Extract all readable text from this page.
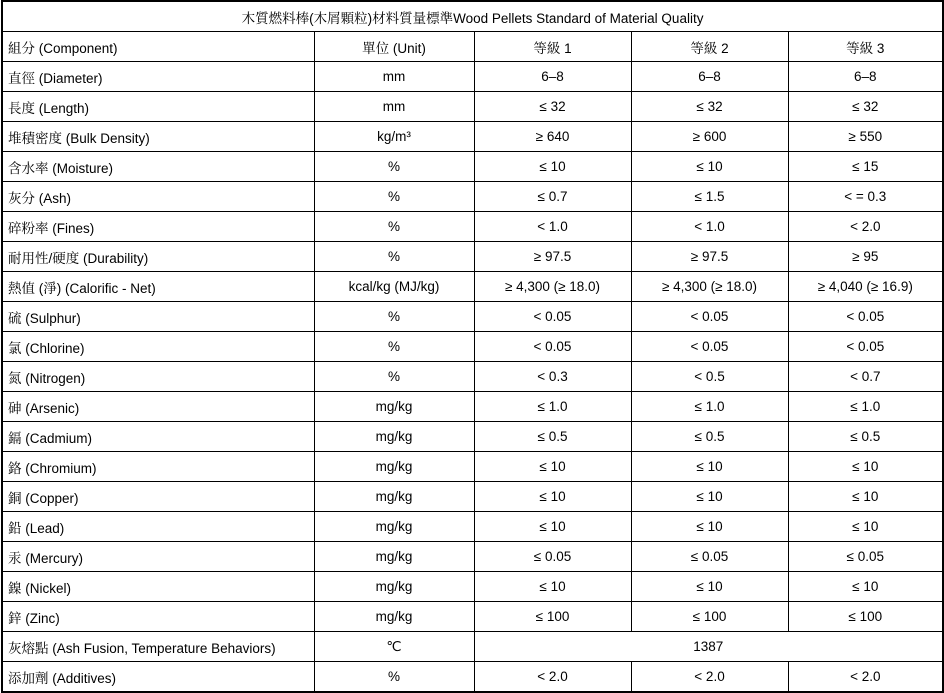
木質燃料棒(木屑顆粒)材料質量標準Wood Pellets Standard of Material Quality				
組分 (Component)	單位 (Unit)	等級 1	等級 2	等級 3
直徑 (Diameter)	mm	6–8	6–8	6–8
長度 (Length)	mm	≤ 32	≤ 32	≤ 32
堆積密度 (Bulk Density)	kg/m³	≥ 640	≥ 600	≥ 550
含水率 (Moisture)	%	≤ 10	≤ 10	≤ 15
灰分 (Ash)	%	≤ 0.7	≤ 1.5	< = 0.3
碎粉率 (Fines)	%	< 1.0	< 1.0	< 2.0
耐用性/硬度 (Durability)	%	≥ 97.5	≥ 97.5	≥ 95
熱值 (淨) (Calorific - Net)	kcal/kg (MJ/kg)	≥ 4,300 (≥ 18.0)	≥ 4,300 (≥ 18.0)	≥ 4,040 (≥ 16.9)
硫 (Sulphur)	%	< 0.05	< 0.05	< 0.05
氯 (Chlorine)	%	< 0.05	< 0.05	< 0.05
氮 (Nitrogen)	%	< 0.3	< 0.5	< 0.7
砷 (Arsenic)	mg/kg	≤ 1.0	≤ 1.0	≤ 1.0
鎘 (Cadmium)	mg/kg	≤ 0.5	≤ 0.5	≤ 0.5
鉻 (Chromium)	mg/kg	≤ 10	≤ 10	≤ 10
銅 (Copper)	mg/kg	≤ 10	≤ 10	≤ 10
鉛 (Lead)	mg/kg	≤ 10	≤ 10	≤ 10
汞 (Mercury)	mg/kg	≤ 0.05	≤ 0.05	≤ 0.05
鎳 (Nickel)	mg/kg	≤ 10	≤ 10	≤ 10
鋅 (Zinc)	mg/kg	≤ 100	≤ 100	≤ 100
灰熔點 (Ash Fusion, Temperature Behaviors)	℃	1387		
添加劑 (Additives)	%	< 2.0	< 2.0	< 2.0
